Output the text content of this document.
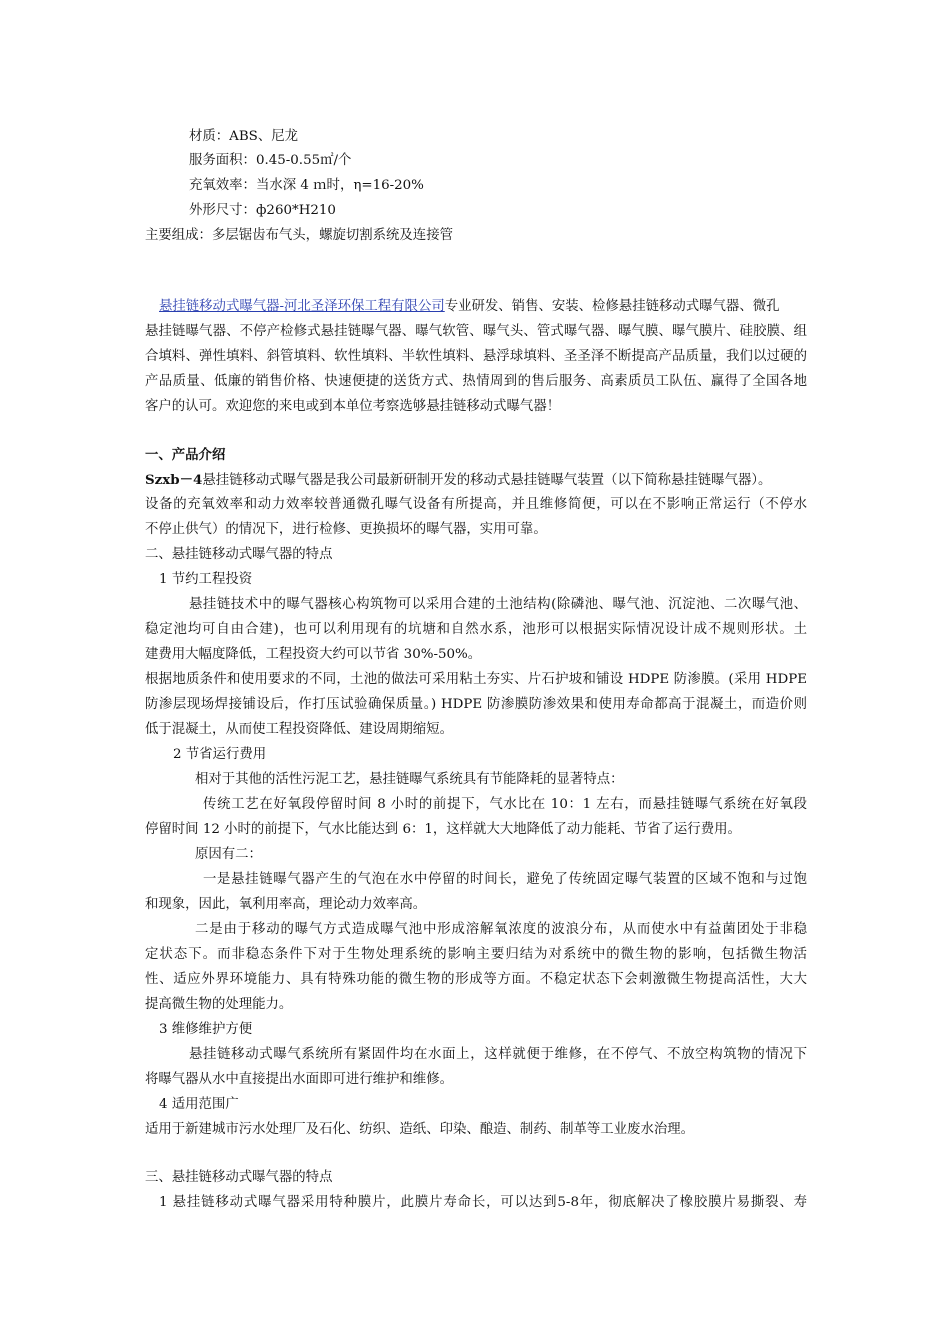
材质：ABS、尼龙
服务面积：0.45-0.55㎡/个
充氧效率：当水深 4 ｍ时，η=16-20%
外形尺寸：ф260*H210
主要组成：多层锯齿布气头，螺旋切割系统及连接管
悬挂链移动式曝气器-河北圣泽环保工程有限公司专业研发、销售、安装、检修悬挂链移动式曝气器、微孔
悬挂链曝气器、不停产检修式悬挂链曝气器、曝气软管、曝气头、管式曝气器、曝气膜、曝气膜片、硅胶膜、组
合填料、弹性填料、斜管填料、软性填料、半软性填料、悬浮球填料、圣圣泽不断提高产品质量，我们以过硬的
产品质量、低廉的销售价格、快速便捷的送货方式、热情周到的售后服务、高素质员工队伍、赢得了全国各地
客户的认可。欢迎您的来电或到本单位考察选够悬挂链移动式曝气器！
一、产品介绍
Szxb－4悬挂链移动式曝气器是我公司最新研制开发的移动式悬挂链曝气装置（以下简称悬挂链曝气器）。
设备的充氧效率和动力效率较普通微孔曝气设备有所提高，并且维修简便，可以在不影响正常运行（不停水
不停止供气）的情况下，进行检修、更换损坏的曝气器，实用可靠。
二、悬挂链移动式曝气器的特点
1 节约工程投资
悬挂链技术中的曝气器核心构筑物可以采用合建的土池结构(除磷池、曝气池、沉淀池、二次曝气池、
稳定池均可自由合建)，也可以利用现有的坑塘和自然水系，池形可以根据实际情况设计成不规则形状。土
建费用大幅度降低，工程投资大约可以节省 30%-50%。
根据地质条件和使用要求的不同，土池的做法可采用粘土夯实、片石护坡和铺设 HDPE 防渗膜。(采用 HDPE
防渗层现场焊接铺设后，作打压试验确保质量。) HDPE 防渗膜防渗效果和使用寿命都高于混凝土，而造价则
低于混凝土，从而使工程投资降低、建设周期缩短。
2 节省运行费用
相对于其他的活性污泥工艺，悬挂链曝气系统具有节能降耗的显著特点：
传统工艺在好氧段停留时间 8 小时的前提下，气水比在 10：1 左右，而悬挂链曝气系统在好氧段
停留时间 12 小时的前提下，气水比能达到 6：1，这样就大大地降低了动力能耗、节省了运行费用。
原因有二：
一是悬挂链曝气器产生的气泡在水中停留的时间长，避免了传统固定曝气装置的区域不饱和与过饱
和现象，因此，氧利用率高，理论动力效率高。
二是由于移动的曝气方式造成曝气池中形成溶解氧浓度的波浪分布，从而使水中有益菌团处于非稳
定状态下。而非稳态条件下对于生物处理系统的影响主要归结为对系统中的微生物的影响，包括微生物活
性、适应外界环境能力、具有特殊功能的微生物的形成等方面。不稳定状态下会刺激微生物提高活性，大大
提高微生物的处理能力。
3 维修维护方便
悬挂链移动式曝气系统所有紧固件均在水面上，这样就便于维修，在不停气、不放空构筑物的情况下
将曝气器从水中直接提出水面即可进行维护和维修。
4 适用范围广
适用于新建城市污水处理厂及石化、纺织、造纸、印染、酿造、制药、制革等工业废水治理。
三、悬挂链移动式曝气器的特点
1 悬挂链移动式曝气器采用特种膜片，此膜片寿命长，可以达到5-8年，彻底解决了橡胶膜片易撕裂、寿
